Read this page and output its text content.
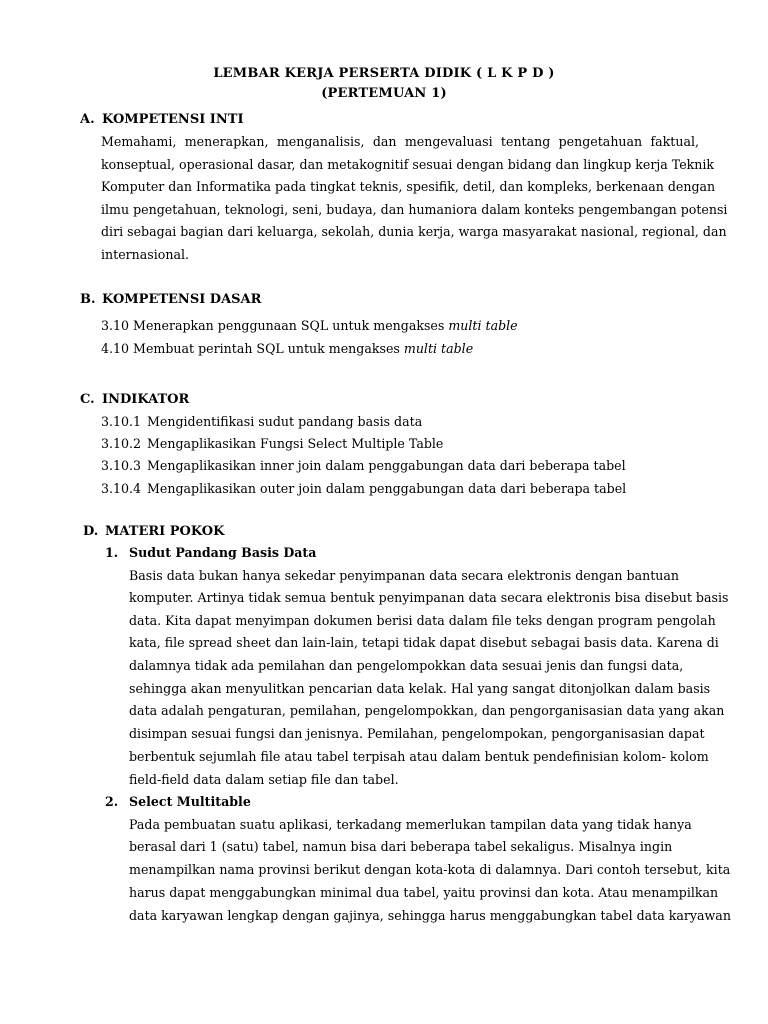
LEMBAR KERJA PERSERTA DIDIK ( L K P D )
(PERTEMUAN 1)
A. KOMPETENSI INTI
Memahami, menerapkan, menganalisis, dan mengevaluasi tentang pengetahuan faktual,
konseptual, operasional dasar, dan metakognitif sesuai dengan bidang dan lingkup kerja Teknik
Komputer dan Informatika pada tingkat teknis, spesifik, detil, dan kompleks, berkenaan dengan
ilmu pengetahuan, teknologi, seni, budaya, dan humaniora dalam konteks pengembangan potensi
diri sebagai bagian dari keluarga, sekolah, dunia kerja, warga masyarakat nasional, regional, dan
internasional.
B. KOMPETENSI DASAR
3.10 Menerapkan penggunaan SQL untuk mengakses multi table
4.10 Membuat perintah SQL untuk mengakses multi table
C. INDIKATOR
3.10.1 Mengidentifikasi sudut pandang basis data
3.10.2 Mengaplikasikan Fungsi Select Multiple Table
3.10.3 Mengaplikasikan inner join dalam penggabungan data dari beberapa tabel
3.10.4 Mengaplikasikan outer join dalam penggabungan data dari beberapa tabel
D. MATERI POKOK
1. Sudut Pandang Basis Data
Basis data bukan hanya sekedar penyimpanan data secara elektronis dengan bantuan
komputer. Artinya tidak semua bentuk penyimpanan data secara elektronis bisa disebut basis
data. Kita dapat menyimpan dokumen berisi data dalam file teks dengan program pengolah
kata, file spread sheet dan lain-lain, tetapi tidak dapat disebut sebagai basis data. Karena di
dalamnya tidak ada pemilahan dan pengelompokkan data sesuai jenis dan fungsi data,
sehingga akan menyulitkan pencarian data kelak. Hal yang sangat ditonjolkan dalam basis
data adalah pengaturan, pemilahan, pengelompokkan, dan pengorganisasian data yang akan
disimpan sesuai fungsi dan jenisnya. Pemilahan, pengelompokan, pengorganisasian dapat
berbentuk sejumlah file atau tabel terpisah atau dalam bentuk pendefinisian kolom- kolom
field-field data dalam setiap file dan tabel.
2. Select Multitable
Pada pembuatan suatu aplikasi, terkadang memerlukan tampilan data yang tidak hanya
berasal dari 1 (satu) tabel, namun bisa dari beberapa tabel sekaligus. Misalnya ingin
menampilkan nama provinsi berikut dengan kota-kota di dalamnya. Dari contoh tersebut, kita
harus dapat menggabungkan minimal dua tabel, yaitu provinsi dan kota. Atau menampilkan
data karyawan lengkap dengan gajinya, sehingga harus menggabungkan tabel data karyawan
